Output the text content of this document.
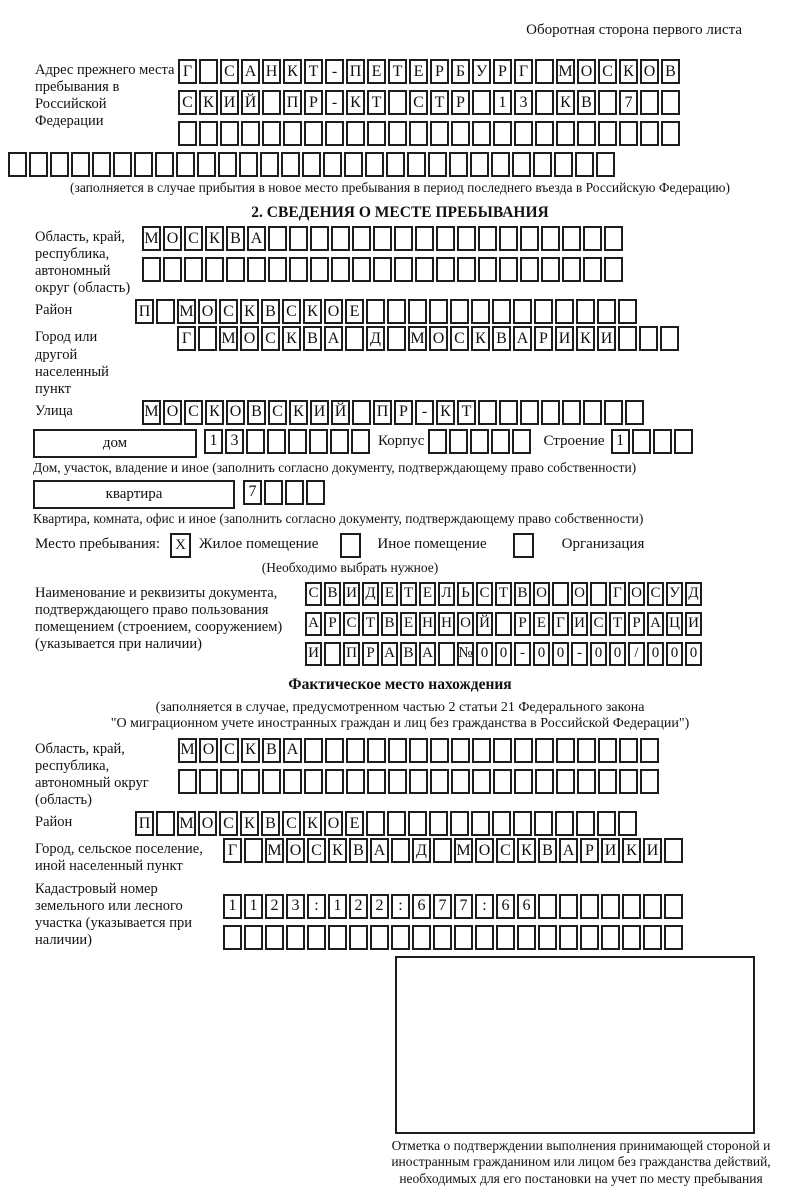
Оборотная сторона первого листа
Адрес прежнего места пребывания в Российской Федерации
Г	С А Н К Т - П Е Т Е Р Б У Р Г	М О С К О В
С К И Й П Р - К Т С Т Р	1 3	К В	7
(заполняется в случае прибытия в новое место пребывания в период последнего въезда в Российскую Федерацию)
2. СВЕДЕНИЯ О МЕСТЕ ПРЕБЫВАНИЯ
Область, край, республика, автономный округ (область)
М О С К В А
Район	П М О С К В С К О Е
Город или другой населенный пункт
Г	М О С К В А Д М О С К В А Р И К И
Улица	М О С К О В С К И Й П Р - К Т
дом	1 3	Корпус	Строение 1
Дом, участок, владение и иное (заполнить согласно документу, подтверждающему право собственности)
квартира	7
Квартира, комната, офис и иное (заполнить согласно документу, подтверждающему право собственности)
Место пребывания:	X Жилое помещение	Иное помещение	Организация
(Необходимо выбрать нужное)
Наименование и реквизиты документа, подтверждающего право пользования помещением (строением, сооружением) (указывается при наличии)
С В И Д Е Т Е Л Ь С Т В О О Г О С У Д
А Р С Т В Е Н Н О Й Р Е Г И С Т Р А Ц И
И П Р А В А № 0 0 - 0 0 - 0 0 / 0 0 0
Фактическое место нахождения
(заполняется в случае, предусмотренном частью 2 статьи 21 Федерального закона
"О миграционном учете иностранных граждан и лиц без гражданства в Российской Федерации")
Область, край, республика, автономный округ (область)
М О С К В А
Район	П М О С К В С К О Е
Город, сельское поселение, иной населенный пункт
Г	М О С К В А Д М О С К В А Р И К И
Кадастровый номер земельного или лесного участка (указывается при наличии)
1 1 2 3 : 1 2 2 : 6 7 7 : 6 6
Отметка о подтверждении выполнения принимающей стороной и иностранным гражданином или лицом без гражданства действий, необходимых для его постановки на учет по месту пребывания
